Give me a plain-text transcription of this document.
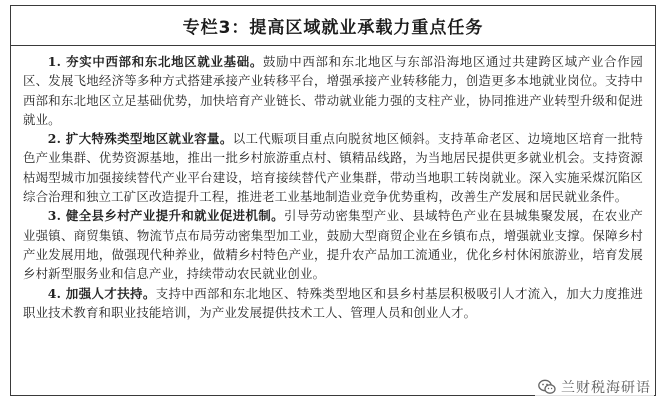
专栏3：提高区域就业承载力重点任务

1. 夯实中西部和东北地区就业基础。鼓励中西部和东北地区与东部沿海地区通过共建跨区域产业合作园区、发展飞地经济等多种方式搭建承接产业转移平台，增强承接产业转移能力，创造更多本地就业岗位。支持中西部和东北地区立足基础优势，加快培育产业链长、带动就业能力强的支柱产业，协同推进产业转型升级和促进就业。

2. 扩大特殊类型地区就业容量。以工代赈项目重点向脱贫地区倾斜。支持革命老区、边境地区培育一批特色产业集群、优势资源基地，推出一批乡村旅游重点村、镇精品线路，为当地居民提供更多就业机会。支持资源枯竭型城市加强接续替代产业平台建设，培育接续替代产业集群，带动当地职工转岗就业。深入实施采煤沉陷区综合治理和独立工矿区改造提升工程，推进老工业基地制造业竞争优势重构，改善生产发展和居民就业条件。

3. 健全县乡村产业提升和就业促进机制。引导劳动密集型产业、县域特色产业在县城集聚发展，在农业产业强镇、商贸集镇、物流节点布局劳动密集型加工业，鼓励大型商贸企业在乡镇布点，增强就业支撑。保障乡村产业发展用地，做强现代种养业，做精乡村特色产业，提升农产品加工流通业，优化乡村休闲旅游业，培育发展乡村新型服务业和信息产业，持续带动农民就业创业。

4. 加强人才扶持。支持中西部和东北地区、特殊类型地区和县乡村基层积极吸引人才流入，加大力度推进职业技术教育和职业技能培训，为产业发展提供技术工人、管理人员和创业人才。

兰财税海研语
